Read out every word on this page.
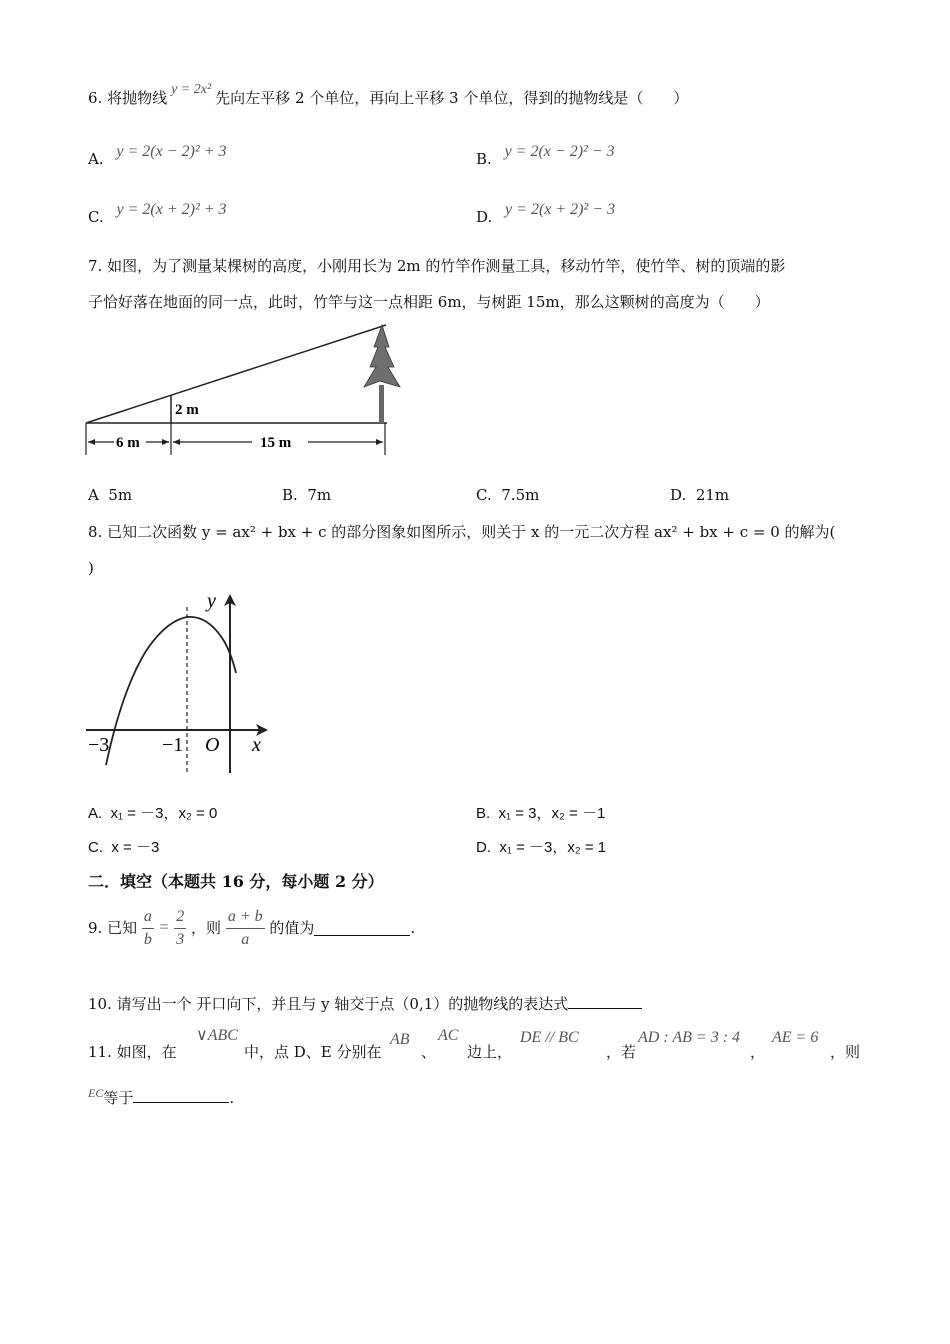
6. 将抛物线 y = 2x² 先向左平移 2 个单位，再向上平移 3 个单位，得到的抛物线是（　　）
A. y = 2(x − 2)² + 3	B. y = 2(x − 2)² − 3
C. y = 2(x + 2)² + 3	D. y = 2(x + 2)² − 3
7. 如图，为了测量某棵树的高度，小刚用长为 2m 的竹竿作测量工具，移动竹竿，使竹竿、树的顶端的影
子恰好落在地面的同一点，此时，竹竿与这一点相距 6m，与树距 15m，那么这颗树的高度为（　　）
2 m
6 m	15 m
A 5m	B. 7m	C. 7.5m	D. 21m
8. 已知二次函数 y = ax² + bx + c 的部分图象如图所示，则关于 x 的一元二次方程 ax² + bx + c = 0 的解为(
)
y
x
O
−3	−1
A. x₁ = －3，x₂ = 0	B. x₁ = 3，x₂ = －1
C. x = －3	D. x₁ = －3，x₂ = 1
二．填空（本题共 16 分，每小题 2 分）
9. 已知 $\frac{a}{b} = \frac{2}{3}$ ，则 $\frac{a + b}{a}$ 的值为	.
10. 请写出一个 开口向下，并且与 y 轴交于点（0,1）的抛物线的表达式
11. 如图，在
∨ABC
中，点 D、E 分别在
AB
、
AC
边上，
DE // BC
，若
AD : AB = 3 : 4
，
AE = 6
，则
$^{EC}$等于	.
